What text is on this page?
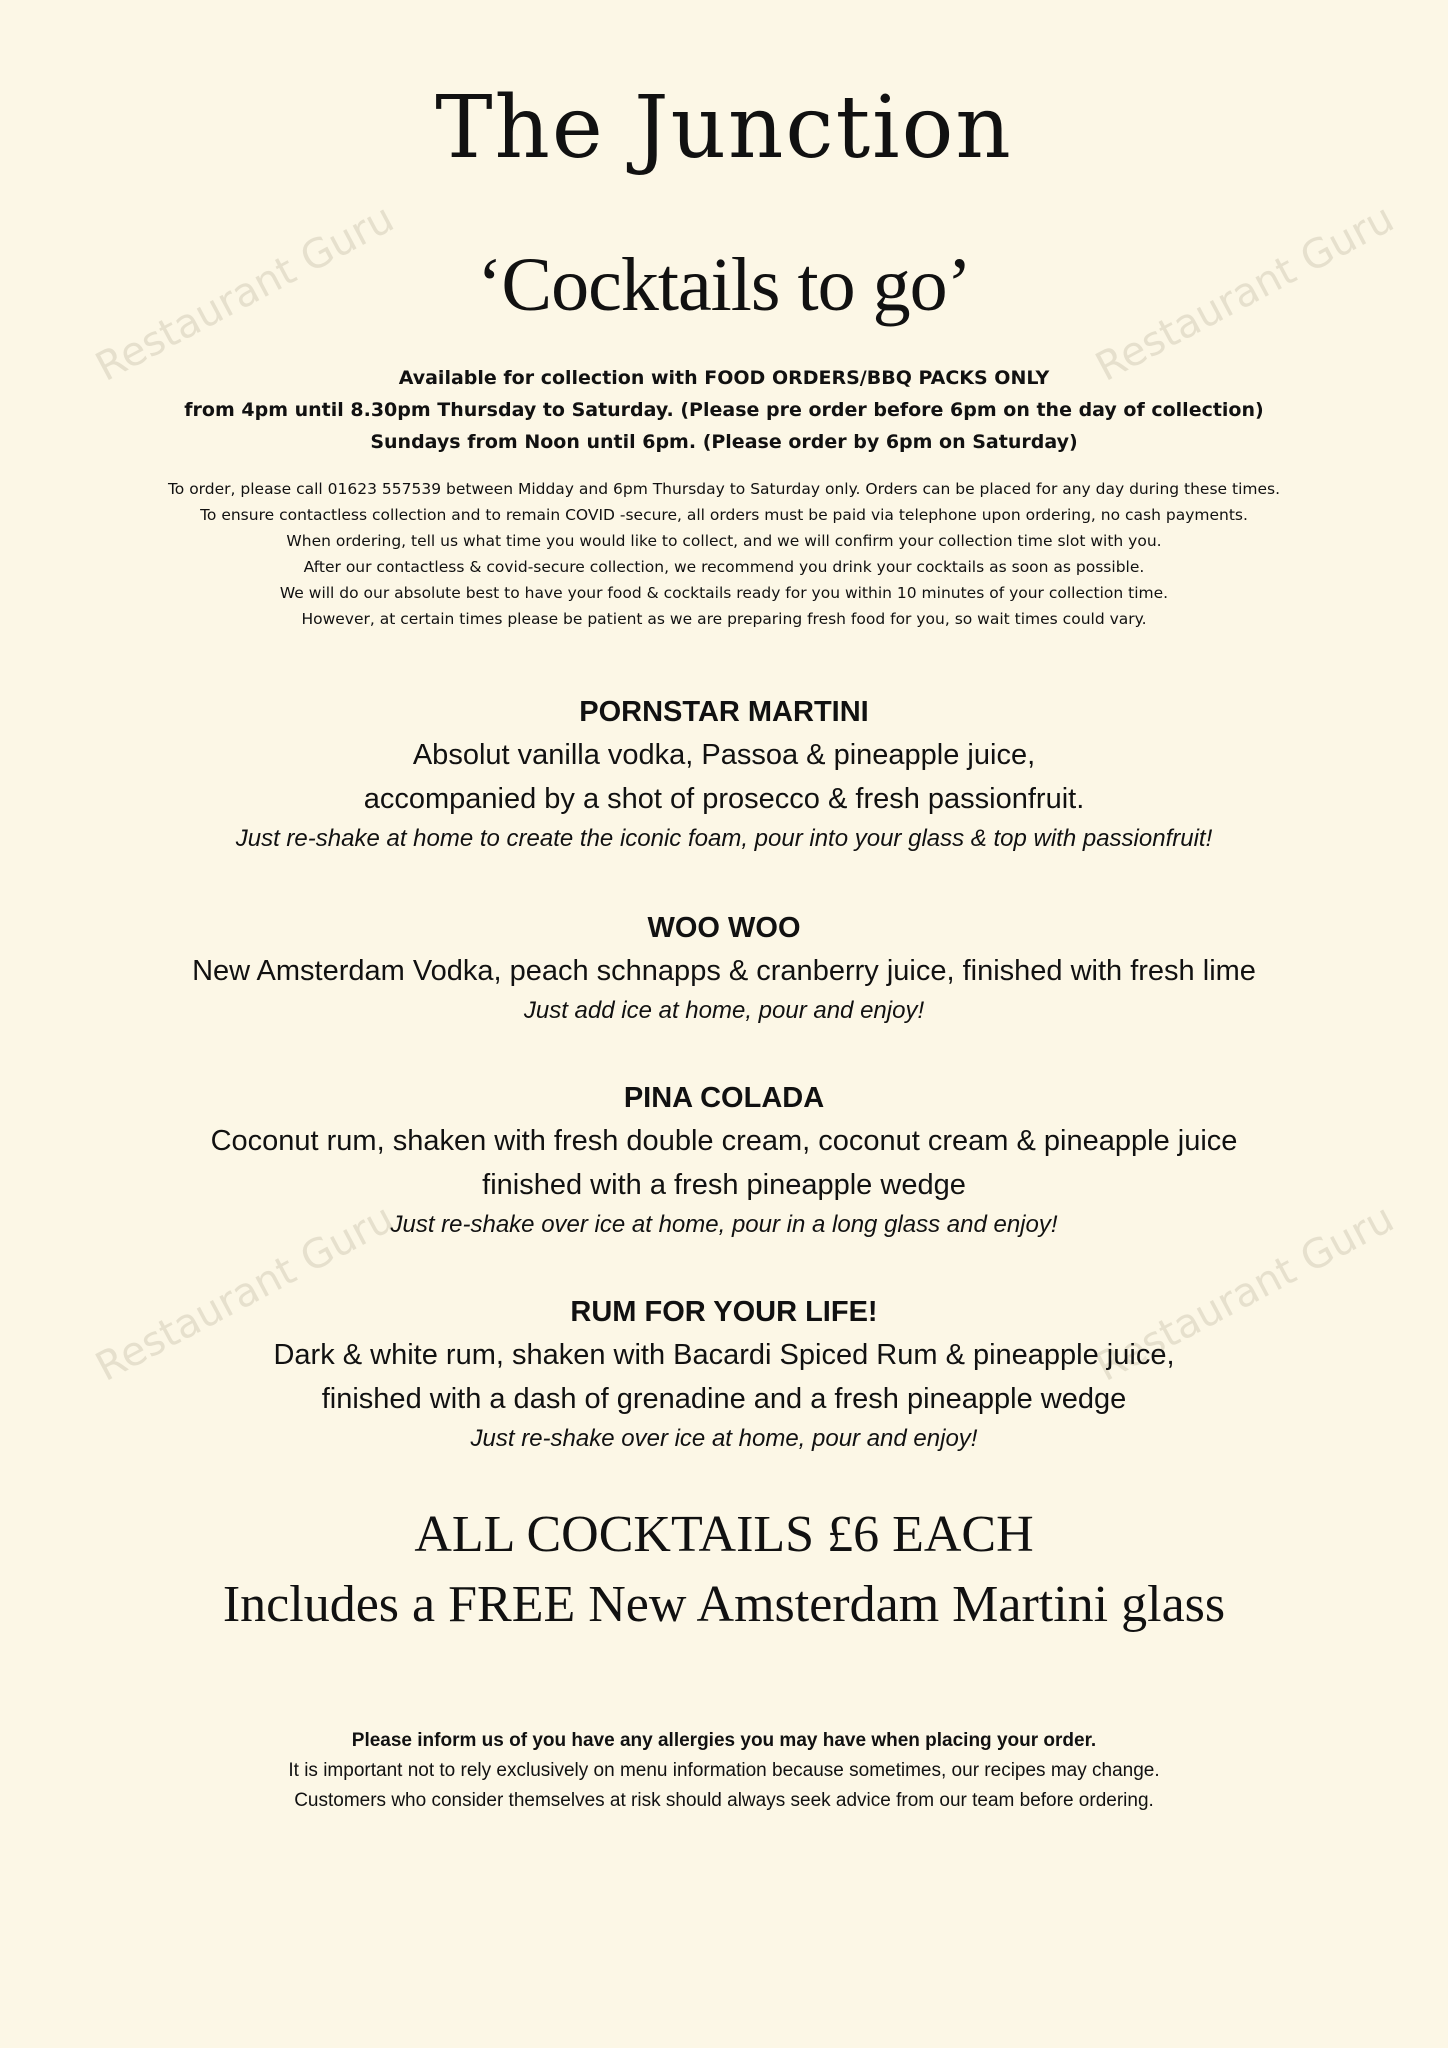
Restaurant Guru	Restaurant Guru
Restaurant Guru	Restaurant Guru
The Junction
‘Cocktails to go’
Available for collection with FOOD ORDERS/BBQ PACKS ONLY
from 4pm until 8.30pm Thursday to Saturday. (Please pre order before 6pm on the day of collection)
Sundays from Noon until 6pm. (Please order by 6pm on Saturday)
To order, please call 01623 557539 between Midday and 6pm Thursday to Saturday only. Orders can be placed for any day during these times.
To ensure contactless collection and to remain COVID -secure, all orders must be paid via telephone upon ordering, no cash payments.
When ordering, tell us what time you would like to collect, and we will confirm your collection time slot with you.
After our contactless & covid-secure collection, we recommend you drink your cocktails as soon as possible.
We will do our absolute best to have your food & cocktails ready for you within 10 minutes of your collection time.
However, at certain times please be patient as we are preparing fresh food for you, so wait times could vary.
PORNSTAR MARTINI
Absolut vanilla vodka, Passoa & pineapple juice,
accompanied by a shot of prosecco & fresh passionfruit.
Just re-shake at home to create the iconic foam, pour into your glass & top with passionfruit!
WOO WOO
New Amsterdam Vodka, peach schnapps & cranberry juice, finished with fresh lime
Just add ice at home, pour and enjoy!
PINA COLADA
Coconut rum, shaken with fresh double cream, coconut cream & pineapple juice
finished with a fresh pineapple wedge
Just re-shake over ice at home, pour in a long glass and enjoy!
RUM FOR YOUR LIFE!
Dark & white rum, shaken with Bacardi Spiced Rum & pineapple juice,
finished with a dash of grenadine and a fresh pineapple wedge
Just re-shake over ice at home, pour and enjoy!
ALL COCKTAILS £6 EACH
Includes a FREE New Amsterdam Martini glass
Please inform us of you have any allergies you may have when placing your order.
It is important not to rely exclusively on menu information because sometimes, our recipes may change.
Customers who consider themselves at risk should always seek advice from our team before ordering.
